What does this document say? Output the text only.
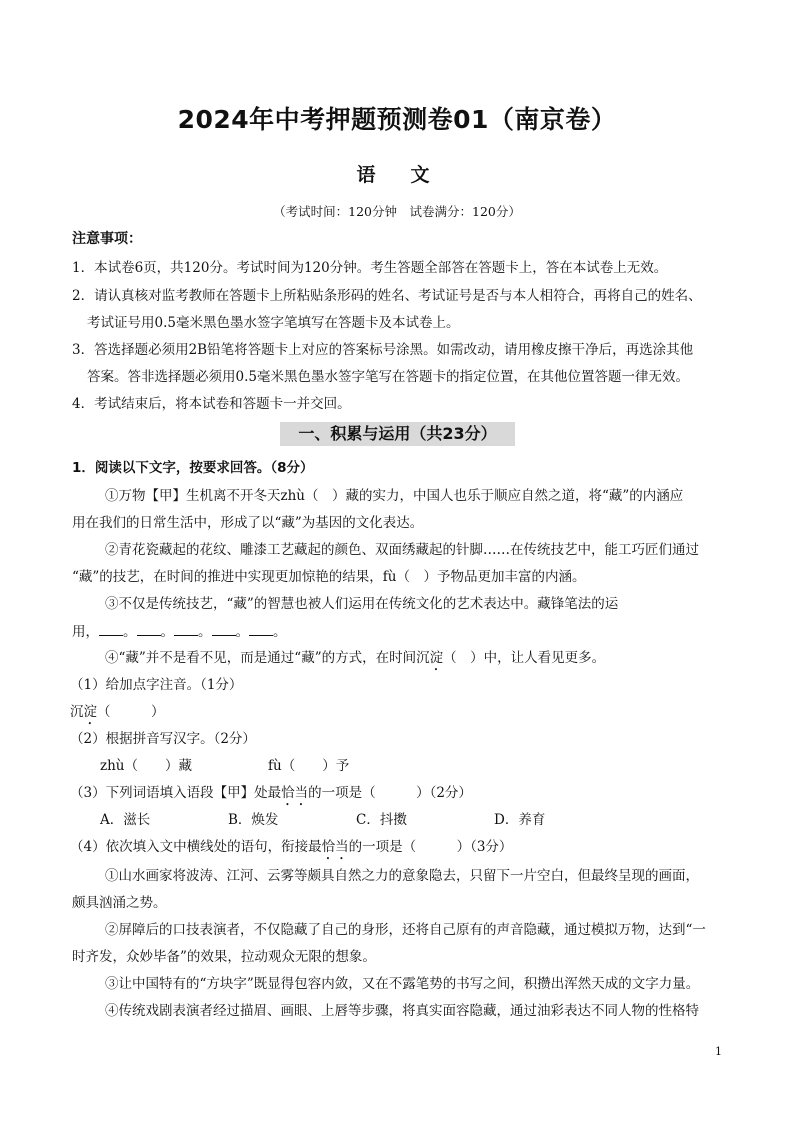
2024年中考押题预测卷01（南京卷）
语　文
（考试时间：120分钟　试卷满分：120分）
注意事项：
1．本试卷6页，共120分。考试时间为120分钟。考生答题全部答在答题卡上，答在本试卷上无效。
2．请认真核对监考教师在答题卡上所粘贴条形码的姓名、考试证号是否与本人相符合，再将自己的姓名、
考试证号用0.5毫米黑色墨水签字笔填写在答题卡及本试卷上。
3．答选择题必须用2B铅笔将答题卡上对应的答案标号涂黑。如需改动，请用橡皮擦干净后，再选涂其他
答案。答非选择题必须用0.5毫米黑色墨水签字笔写在答题卡的指定位置，在其他位置答题一律无效。
4．考试结束后，将本试卷和答题卡一并交回。
一、积累与运用（共23分）
1．阅读以下文字，按要求回答。（8分）
①万物【甲】生机离不开冬天zhù（　）藏的实力，中国人也乐于顺应自然之道，将“藏”的内涵应
用在我们的日常生活中，形成了以“藏”为基因的文化表达。
②青花瓷藏起的花纹、雕漆工艺藏起的颜色、双面绣藏起的针脚……在传统技艺中，能工巧匠们通过
“藏”的技艺，在时间的推进中实现更加惊艳的结果，fù（　）予物品更加丰富的内涵。
③不仅是传统技艺，“藏”的智慧也被人们运用在传统文化的艺术表达中。藏锋笔法的运
用， 。 。 。 。 。
④“藏”并不是看不见，而是通过“藏”的方式，在时间沉淀（　）中，让人看见更多。
（1）给加点字注音。（1分）
沉淀（　　　）
（2）根据拼音写汉字。（2分）
zhù（　　）藏	fù（　　）予
（3）下列词语填入语段【甲】处最恰当的一项是（　　　）（2分）
A．滋长	B．焕发	C．抖擞	D．养育
（4）依次填入文中横线处的语句，衔接最恰当的一项是（　　　）（3分）
①山水画家将波涛、江河、云雾等颇具自然之力的意象隐去，只留下一片空白，但最终呈现的画面，
颇具汹涌之势。
②屏障后的口技表演者，不仅隐藏了自己的身形，还将自己原有的声音隐藏，通过模拟万物，达到“一
时齐发，众妙毕备”的效果，拉动观众无限的想象。
③让中国特有的“方块字”既显得包容内敛，又在不露笔势的书写之间，积攒出浑然天成的文字力量。
④传统戏剧表演者经过描眉、画眼、上唇等步骤，将真实面容隐藏，通过油彩表达不同人物的性格特
1
